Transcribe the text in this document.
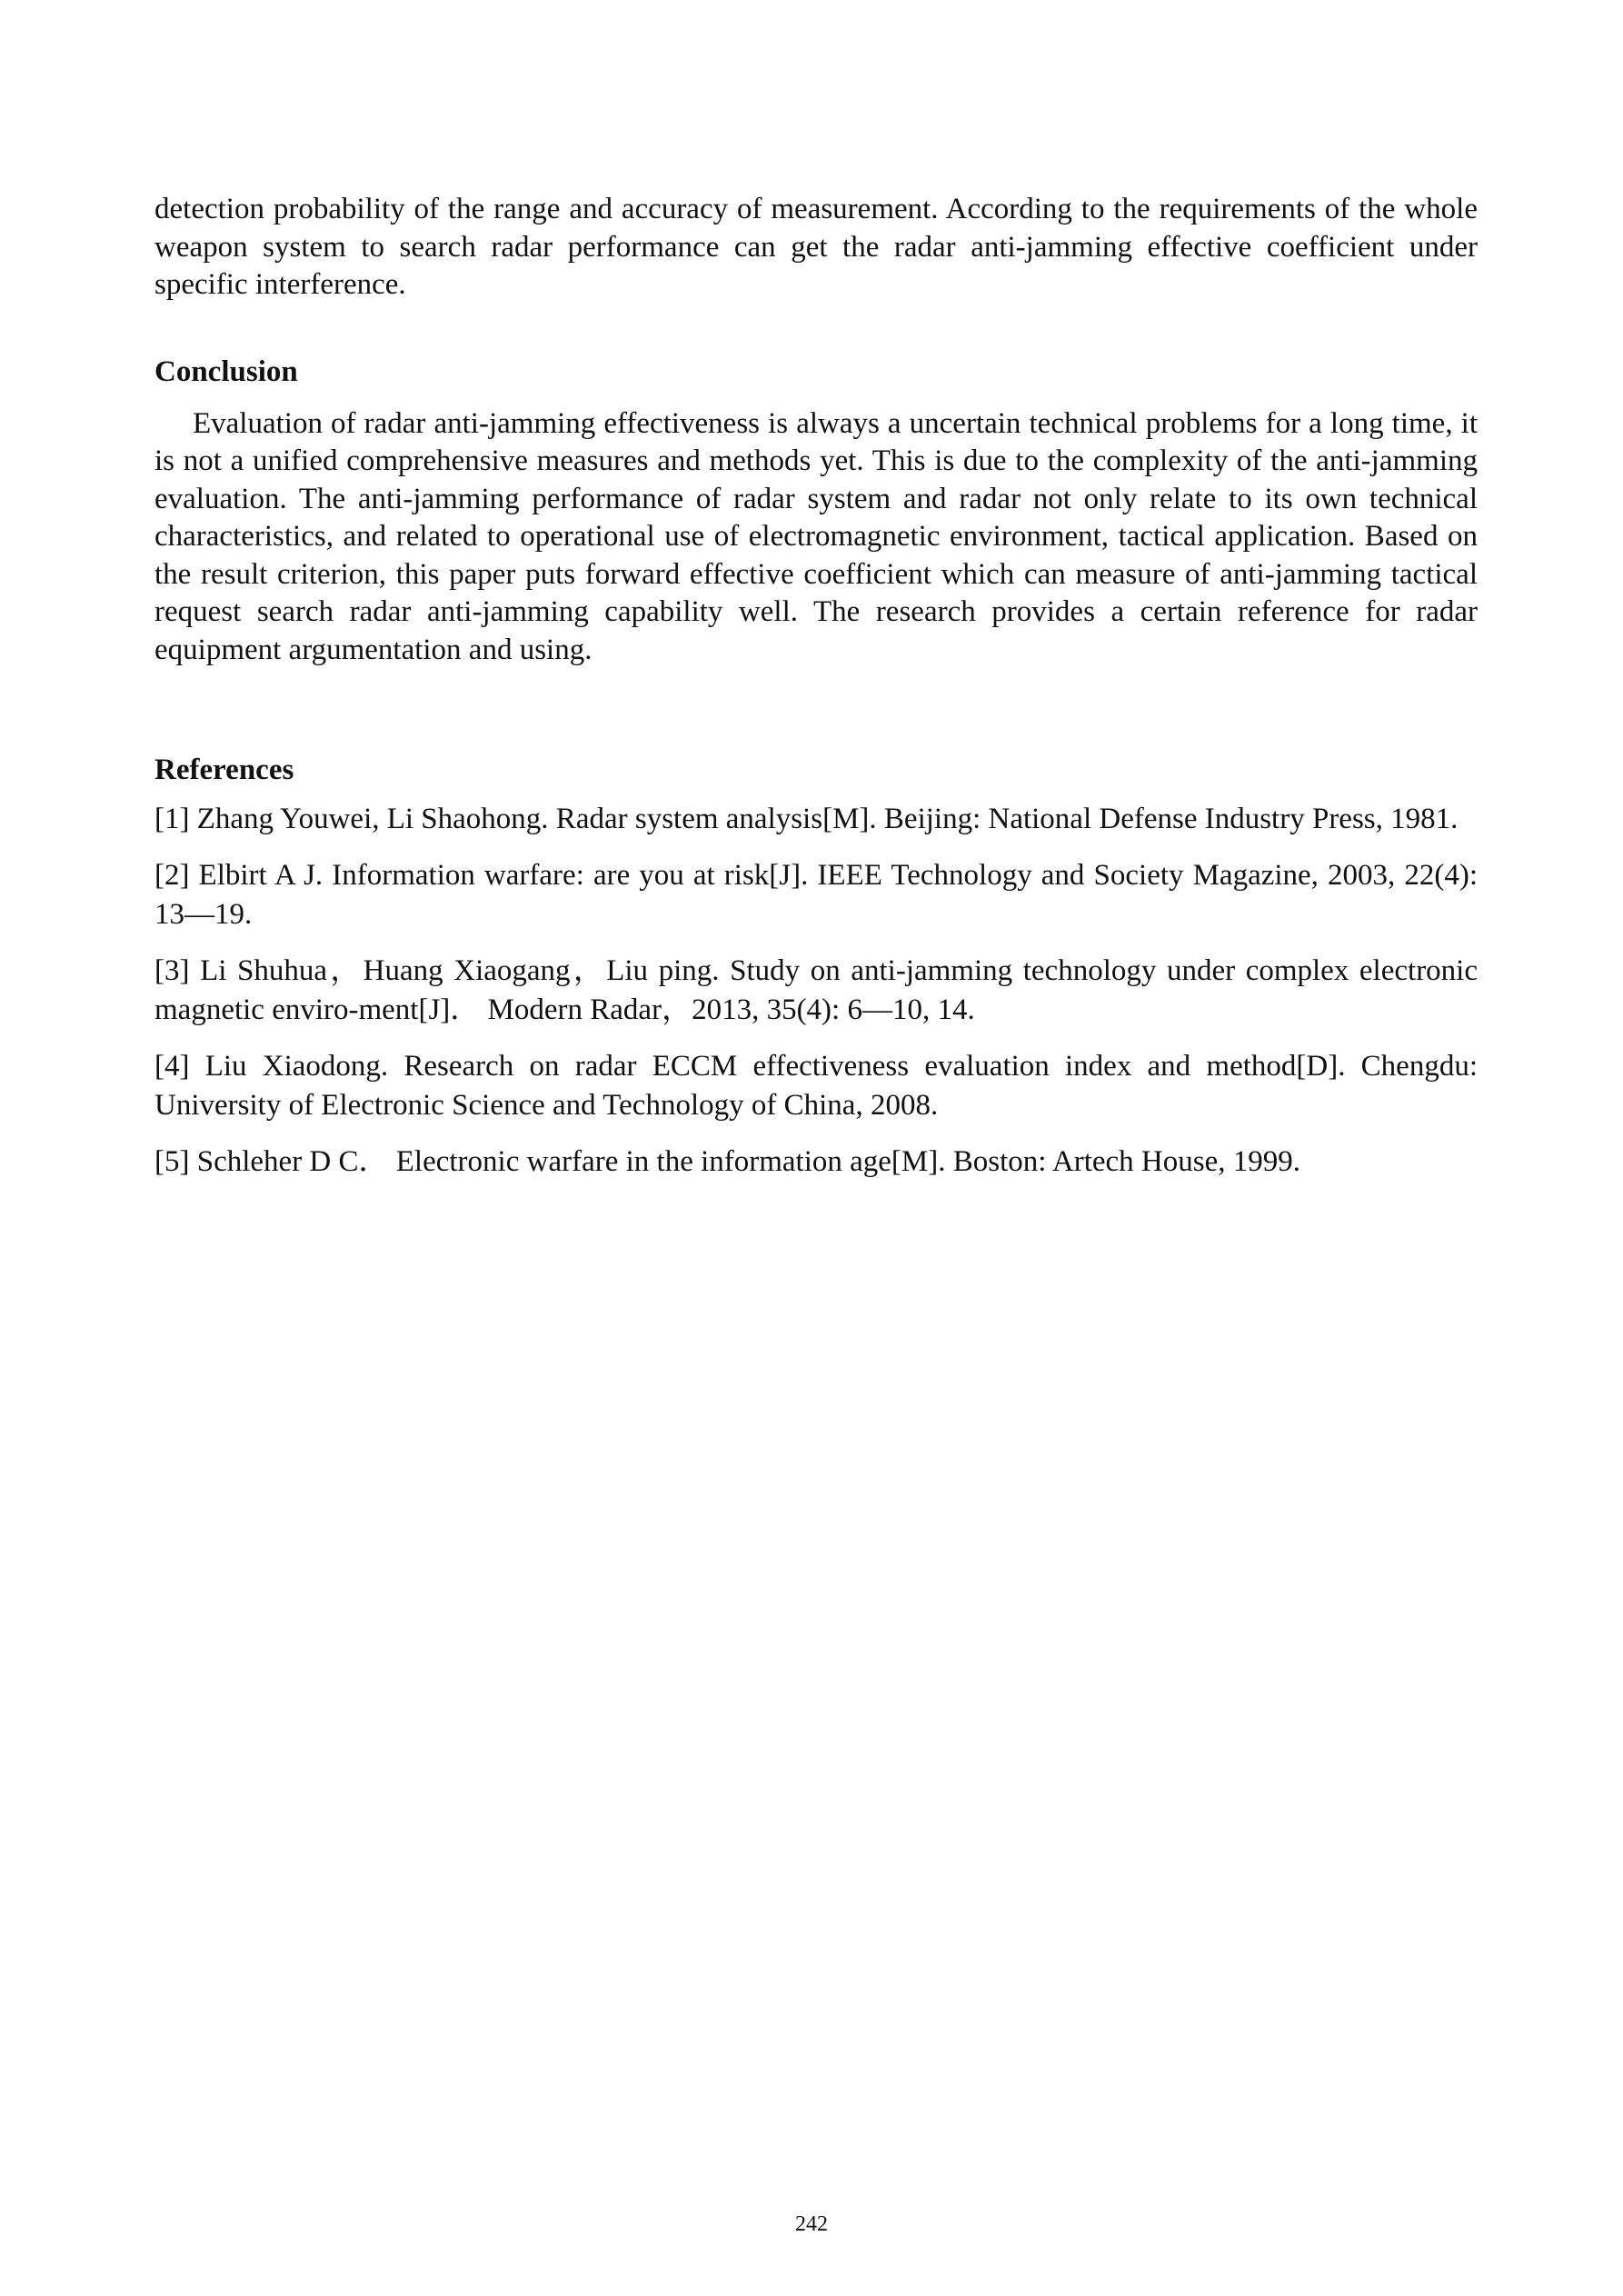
detection probability of the range and accuracy of measurement. According to the requirements of the whole weapon system to search radar performance can get the radar anti-jamming effective coefficient under specific interference.

Conclusion

Evaluation of radar anti-jamming effectiveness is always a uncertain technical problems for a long time, it is not a unified comprehensive measures and methods yet. This is due to the complexity of the anti-jamming evaluation. The anti-jamming performance of radar system and radar not only relate to its own technical characteristics, and related to operational use of electromagnetic environment, tactical application. Based on the result criterion, this paper puts forward effective coefficient which can measure of anti-jamming tactical request search radar anti-jamming capability well. The research provides a certain reference for radar equipment argumentation and using.

References

[1] Zhang Youwei, Li Shaohong. Radar system analysis[M]. Beijing: National Defense Industry Press, 1981.

[2] Elbirt A J. Information warfare: are you at risk[J]. IEEE Technology and Society Magazine, 2003, 22(4): 13—19.

[3] Li Shuhua，Huang Xiaogang，Liu ping. Study on anti-jamming technology under complex electronic magnetic enviro-ment[J]． Modern Radar，2013, 35(4): 6—10, 14.

[4] Liu Xiaodong. Research on radar ECCM effectiveness evaluation index and method[D]. Chengdu: University of Electronic Science and Technology of China, 2008.

[5] Schleher D C． Electronic warfare in the information age[M]. Boston: Artech House, 1999.

242
